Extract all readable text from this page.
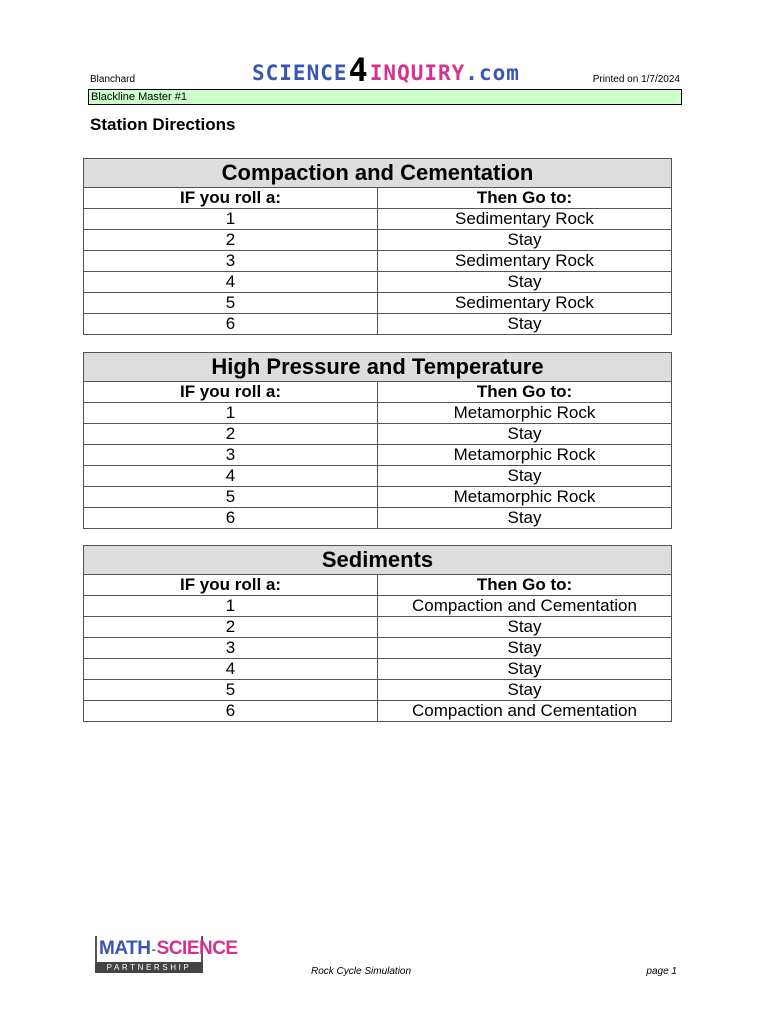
Blanchard	SCIENCE 4 INQUIRY .com	Printed on 1/7/2024
Blackline Master #1
Station Directions
Compaction and Cementation	
IF you roll a:	Then Go to:
1	Sedimentary Rock
2	Stay
3	Sedimentary Rock
4	Stay
5	Sedimentary Rock
6	Stay
High Pressure and Temperature	
IF you roll a:	Then Go to:
1	Metamorphic Rock
2	Stay
3	Metamorphic Rock
4	Stay
5	Metamorphic Rock
6	Stay
Sediments	
IF you roll a:	Then Go to:
1	Compaction and Cementation
2	Stay
3	Stay
4	Stay
5	Stay
6	Compaction and Cementation
MATH - SCIENCE
PARTNERSHIP	Rock Cycle Simulation	page 1
